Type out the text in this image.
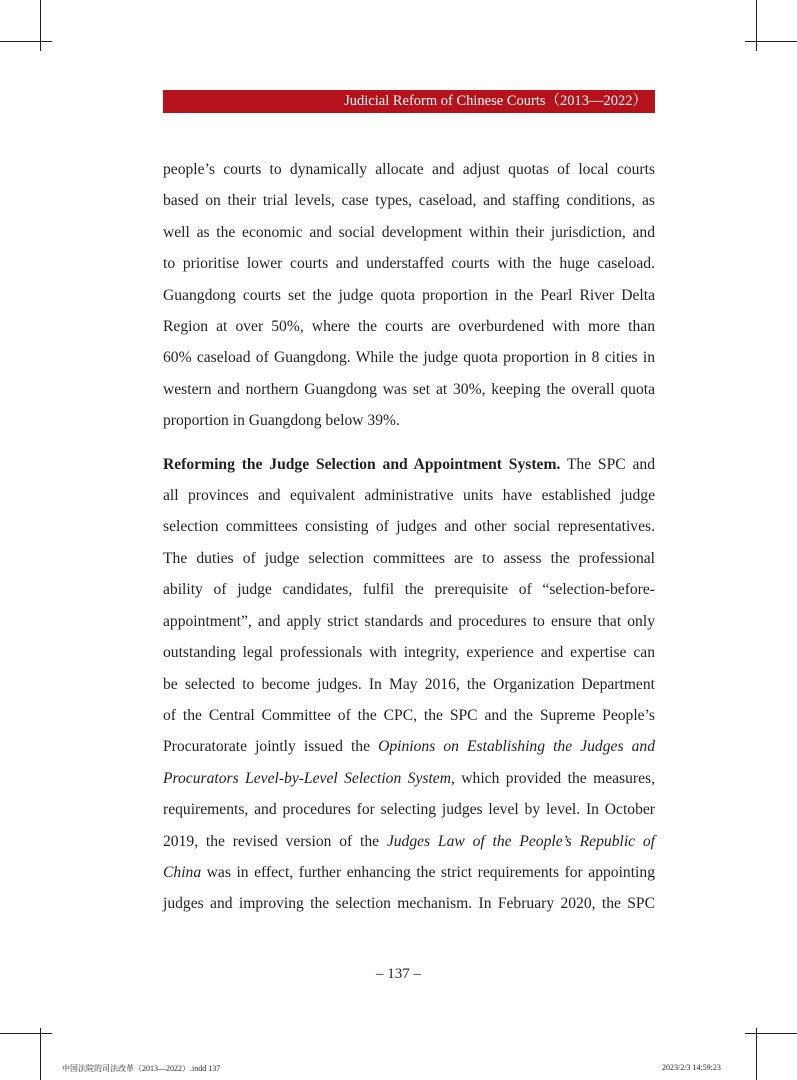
Judicial Reform of Chinese Courts（2013—2022）

people’s courts to dynamically allocate and adjust quotas of local courts
based on their trial levels, case types, caseload, and staffing conditions, as
well as the economic and social development within their jurisdiction, and
to prioritise lower courts and understaffed courts with the huge caseload.
Guangdong courts set the judge quota proportion in the Pearl River Delta
Region at over 50%, where the courts are overburdened with more than
60% caseload of Guangdong. While the judge quota proportion in 8 cities in
western and northern Guangdong was set at 30%, keeping the overall quota
proportion in Guangdong below 39%.

Reforming the Judge Selection and Appointment System. The SPC and
all provinces and equivalent administrative units have established judge
selection committees consisting of judges and other social representatives.
The duties of judge selection committees are to assess the professional
ability of judge candidates, fulfil the prerequisite of “selection-before-
appointment”, and apply strict standards and procedures to ensure that only
outstanding legal professionals with integrity, experience and expertise can
be selected to become judges. In May 2016, the Organization Department
of the Central Committee of the CPC, the SPC and the Supreme People’s
Procuratorate jointly issued the Opinions on Establishing the Judges and
Procurators Level-by-Level Selection System, which provided the measures,
requirements, and procedures for selecting judges level by level. In October
2019, the revised version of the Judges Law of the People’s Republic of
China was in effect, further enhancing the strict requirements for appointing
judges and improving the selection mechanism. In February 2020, the SPC

– 137 –
中国法院的司法改革（2013—2022）.indd 137	2023/2/3 14:59:23
